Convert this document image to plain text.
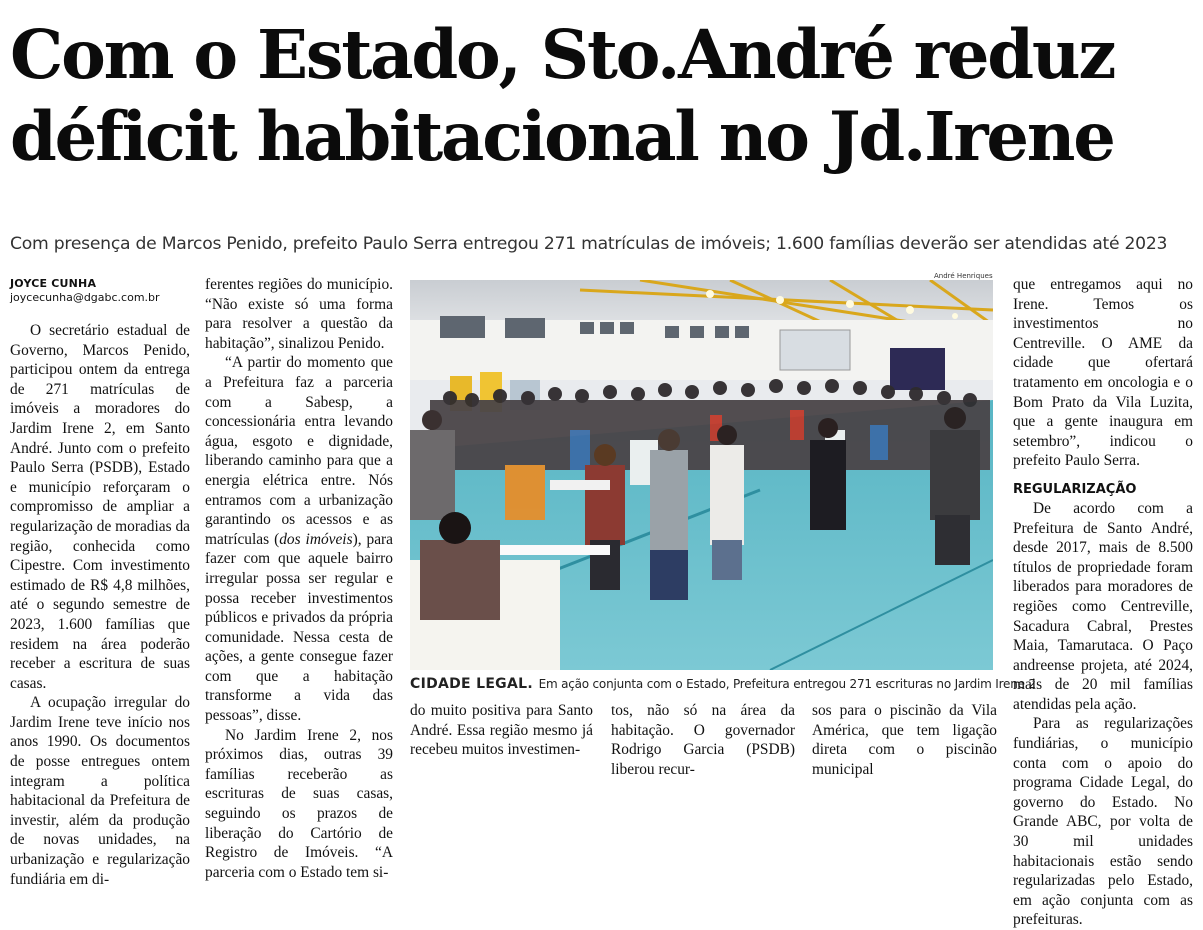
Com o Estado, Sto.André reduz
déficit habitacional no Jd.Irene

Com presença de Marcos Penido, prefeito Paulo Serra entregou 271 matrículas de imóveis; 1.600 famílias deverão ser atendidas até 2023

JOYCE CUNHA
joycecunha@dgabc.com.br

O secretário estadual de Governo, Marcos Penido, participou ontem da entrega de 271 matrículas de imóveis a moradores do Jardim Irene 2, em Santo André. Junto com o prefeito Paulo Serra (PSDB), Estado e município reforçaram o compromisso de ampliar a regularização de moradias da região, conhecida como Cipestre. Com investimento estimado de R$ 4,8 milhões, até o segundo semestre de 2023, 1.600 famílias que residem na área poderão receber a escritura de suas casas.

A ocupação irregular do Jardim Irene teve início nos anos 1990. Os documentos de posse entregues ontem integram a política habitacional da Prefeitura de investir, além da produção de novas unidades, na urbanização e regularização fundiária em di-

ferentes regiões do município. “Não existe só uma forma para resolver a questão da habitação”, sinalizou Penido.

“A partir do momento que a Prefeitura faz a parceria com a Sabesp, a concessionária entra levando água, esgoto e dignidade, liberando caminho para que a energia elétrica entre. Nós entramos com a urbanização garantindo os acessos e as matrículas (dos imóveis), para fazer com que aquele bairro irregular possa ser regular e possa receber investimentos públicos e privados da própria comunidade. Nessa cesta de ações, a gente consegue fazer com que a habitação transforme a vida das pessoas”, disse.

No Jardim Irene 2, nos próximos dias, outras 39 famílias receberão as escrituras de suas casas, seguindo os prazos de liberação do Cartório de Registro de Imóveis. “A parceria com o Estado tem si-

André Henriques
CIDADE LEGAL. Em ação conjunta com o Estado, Prefeitura entregou 271 escrituras no Jardim Irene 2
do muito positiva para Santo André. Essa região mesmo já recebeu muitos investimen-
tos, não só na área da habitação. O governador Rodrigo Garcia (PSDB) liberou recur-
sos para o piscinão da Vila América, que tem ligação direta com o piscinão municipal

que entregamos aqui no Irene. Temos os investimentos no Centreville. O AME da cidade que ofertará tratamento em oncologia e o Bom Prato da Vila Luzita, que a gente inaugura em setembro”, indicou o prefeito Paulo Serra.

REGULARIZAÇÃO

De acordo com a Prefeitura de Santo André, desde 2017, mais de 8.500 títulos de propriedade foram liberados para moradores de regiões como Centreville, Sacadura Cabral, Prestes Maia, Tamarutaca. O Paço andreense projeta, até 2024, mais de 20 mil famílias atendidas pela ação.

Para as regularizações fundiárias, o município conta com o apoio do programa Cidade Legal, do governo do Estado. No Grande ABC, por volta de 30 mil unidades habitacionais estão sendo regularizadas pelo Estado, em ação conjunta com as prefeituras.
